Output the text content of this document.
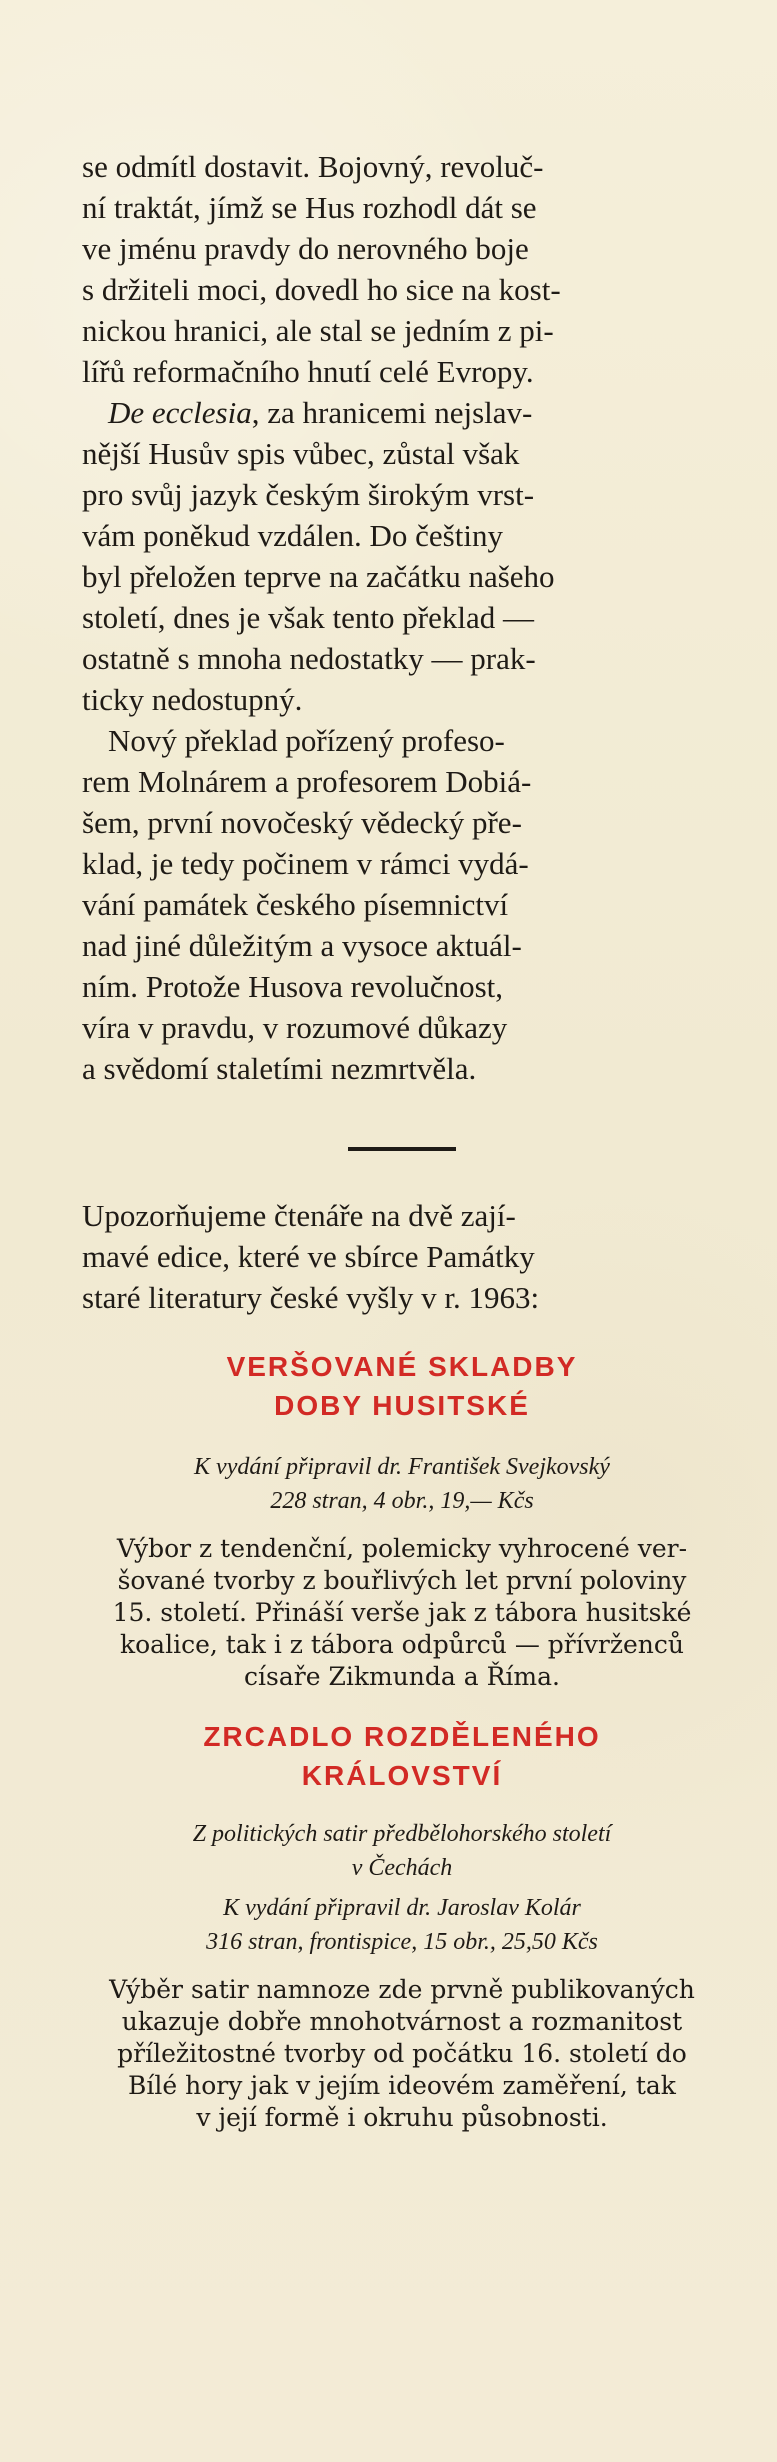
se odmítl dostavit. Bojovný, revoluč-
ní traktát, jímž se Hus rozhodl dát se
ve jménu pravdy do nerovného boje
s držiteli moci, dovedl ho sice na kost-
nickou hranici, ale stal se jedním z pi-
lířů reformačního hnutí celé Evropy.

De ecclesia, za hranicemi nejslav-
nější Husův spis vůbec, zůstal však
pro svůj jazyk českým širokým vrst-
vám poněkud vzdálen. Do češtiny
byl přeložen teprve na začátku našeho
století, dnes je však tento překlad —
ostatně s mnoha nedostatky — prak-
ticky nedostupný.

Nový překlad pořízený profeso-
rem Molnárem a profesorem Dobiá-
šem, první novočeský vědecký pře-
klad, je tedy počinem v rámci vydá-
vání památek českého písemnictví
nad jiné důležitým a vysoce aktuál-
ním. Protože Husova revolučnost,
víra v pravdu, v rozumové důkazy
a svědomí staletími nezmrtvěla.

Upozorňujeme čtenáře na dvě zají-
mavé edice, které ve sbírce Památky
staré literatury české vyšly v r. 1963:

VERŠOVANÉ SKLADBY
DOBY HUSITSKÉ

K vydání připravil dr. František Svejkovský
228 stran, 4 obr., 19,— Kčs

Výbor z tendenční, polemicky vyhrocené ver-
šované tvorby z bouřlivých let první poloviny
15. století. Přináší verše jak z tábora husitské
koalice, tak i z tábora odpůrců — přívrženců
císaře Zikmunda a Říma.

ZRCADLO ROZDĚLENÉHO
KRÁLOVSTVÍ

Z politických satir předbělohorského století
v Čechách

K vydání připravil dr. Jaroslav Kolár
316 stran, frontispice, 15 obr., 25,50 Kčs

Výběr satir namnoze zde prvně publikovaných
ukazuje dobře mnohotvárnost a rozmanitost
příležitostné tvorby od počátku 16. století do
Bílé hory jak v jejím ideovém zaměření, tak
v její formě i okruhu působnosti.
